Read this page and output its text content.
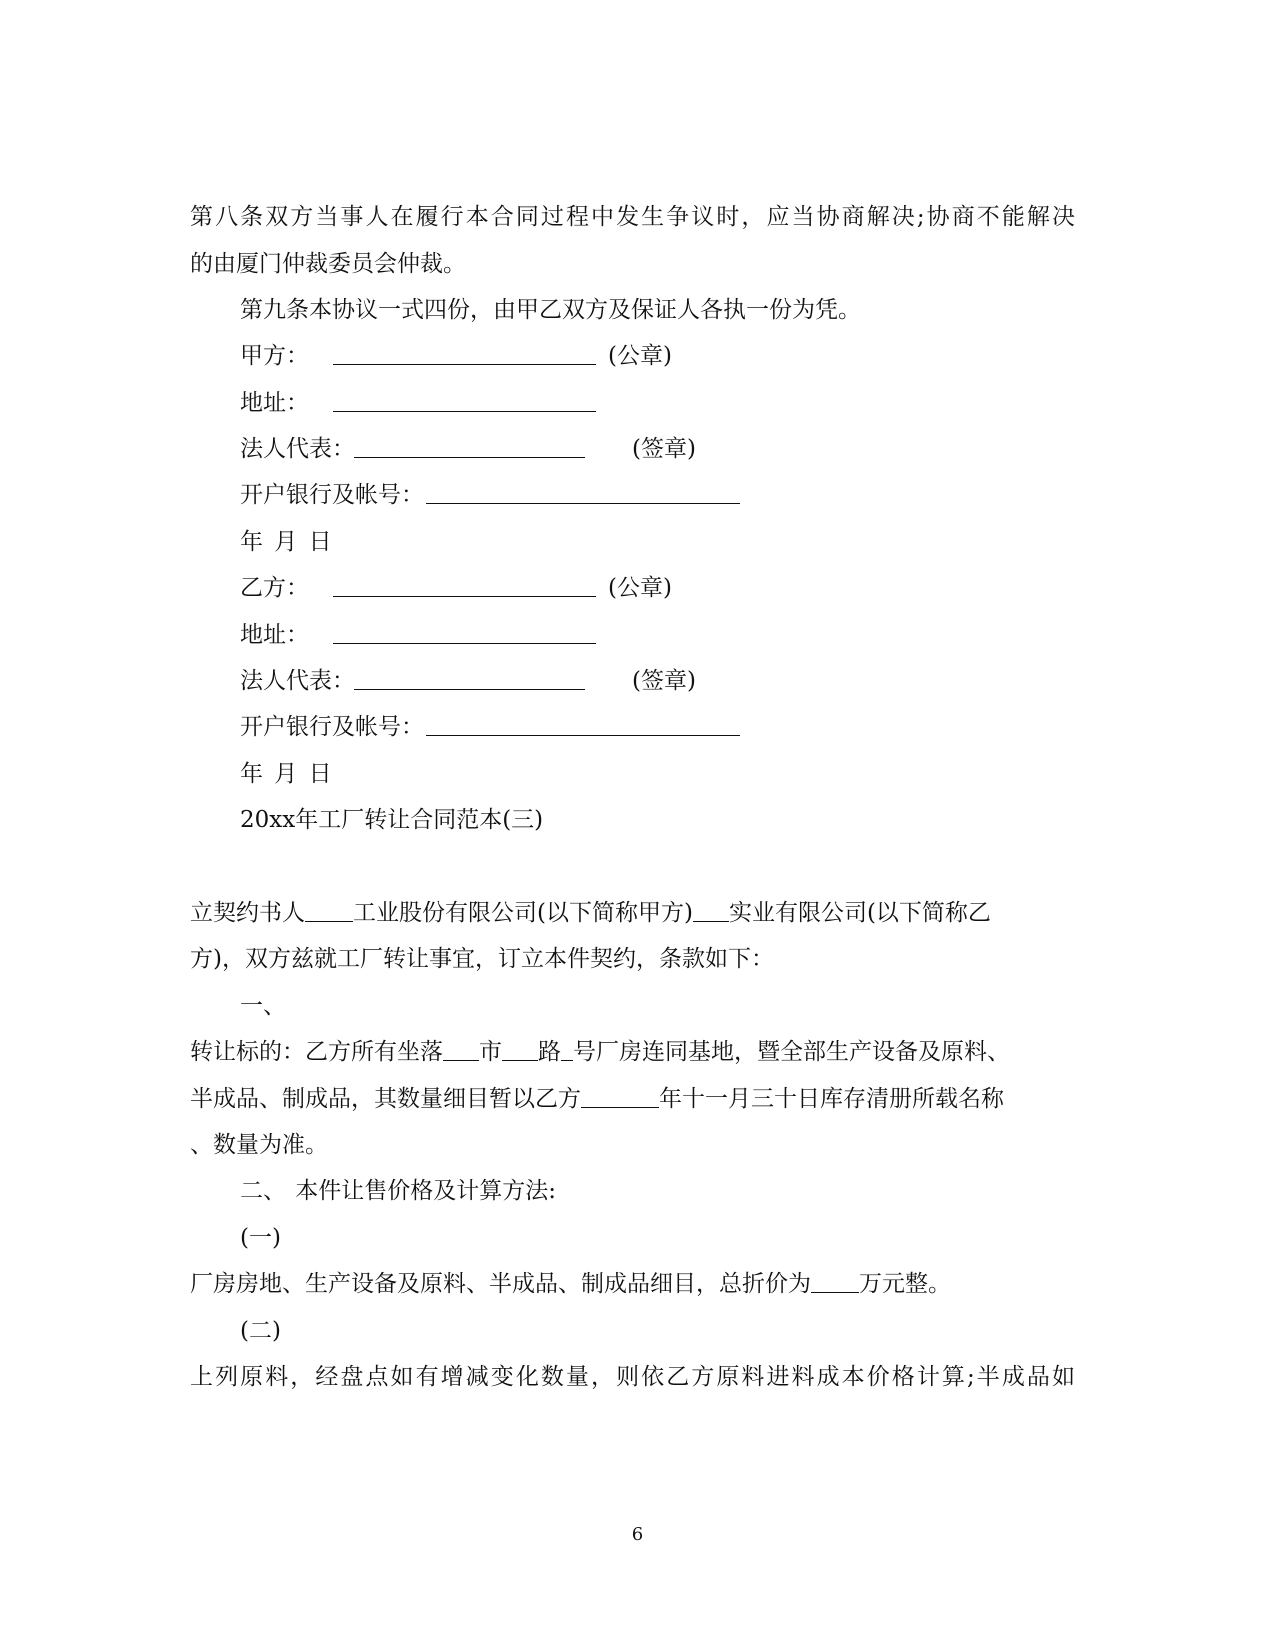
第八条双方当事人在履行本合同过程中发生争议时，应当协商解决;协商不能解决
的由厦门仲裁委员会仲裁。
第九条本协议一式四份，由甲乙双方及保证人各执一份为凭。
甲方：	(公章)
地址：
法人代表：	(签章)
开户银行及帐号：
年 月 日
乙方：	(公章)
地址：
法人代表：	(签章)
开户银行及帐号：
年 月 日
20xx年工厂转让合同范本(三)
立契约书人 工业股份有限公司(以下简称甲方) 实业有限公司(以下简称乙
方)，双方兹就工厂转让事宜，订立本件契约，条款如下：
一、
转让标的：乙方所有坐落 市 路 号厂房连同基地，暨全部生产设备及原料、
半成品、制成品，其数量细目暂以乙方	年十一月三十日库存清册所载名称
、数量为准。
二、 本件让售价格及计算方法:
(一)
厂房房地、生产设备及原料、半成品、制成品细目，总折价为 万元整。
(二)
上列原料，经盘点如有增减变化数量，则依乙方原料进料成本价格计算;半成品如
6
